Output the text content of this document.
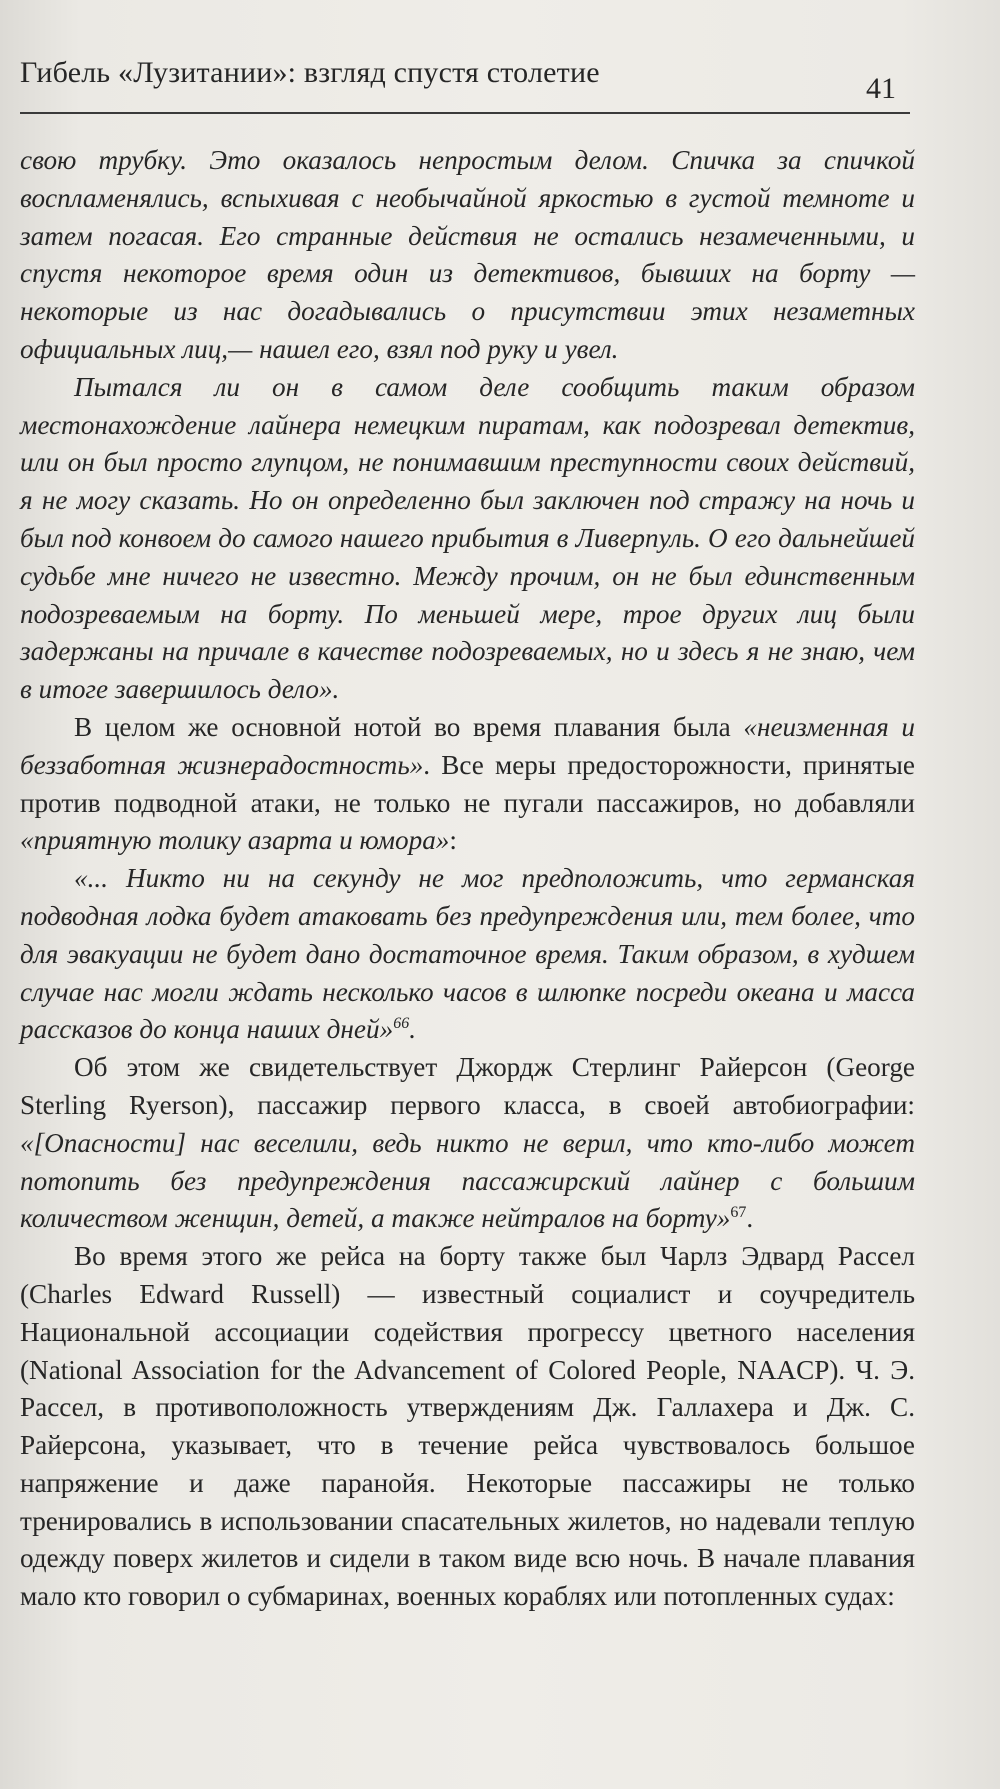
Гибель «Лузитании»: взгляд спустя столетие	41

свою трубку. Это оказалось непростым делом. Спичка за спичкой воспламенялись, вспыхивая с необычайной яркостью в густой темноте и затем погасая. Его странные действия не остались незамеченными, и спустя некоторое время один из детективов, бывших на борту — некоторые из нас догадывались о присутствии этих незаметных официальных лиц,— нашел его, взял под руку и увел.

Пытался ли он в самом деле сообщить таким образом местонахождение лайнера немецким пиратам, как подозревал детектив, или он был просто глупцом, не понимавшим преступности своих действий, я не могу сказать. Но он определенно был заключен под стражу на ночь и был под конвоем до самого нашего прибытия в Ливерпуль. О его дальнейшей судьбе мне ничего не известно. Между прочим, он не был единственным подозреваемым на борту. По меньшей мере, трое других лиц были задержаны на причале в качестве подозреваемых, но и здесь я не знаю, чем в итоге завершилось дело».

В целом же основной нотой во время плавания была «неизменная и беззаботная жизнерадостность». Все меры предосторожности, принятые против подводной атаки, не только не пугали пассажиров, но добавляли «приятную толику азарта и юмора»:

«... Никто ни на секунду не мог предположить, что германская подводная лодка будет атаковать без предупреждения или, тем более, что для эвакуации не будет дано достаточное время. Таким образом, в худшем случае нас могли ждать несколько часов в шлюпке посреди океана и масса рассказов до конца наших дней»$^{66}$.

Об этом же свидетельствует Джордж Стерлинг Райерсон (George Sterling Ryerson), пассажир первого класса, в своей автобиографии: «[Опасности] нас веселили, ведь никто не верил, что кто-либо может потопить без предупреждения пассажирский лайнер с большим количеством женщин, детей, а также нейтралов на борту»$^{67}$.

Во время этого же рейса на борту также был Чарлз Эдвард Рассел (Charles Edward Russell) — известный социалист и соучредитель Национальной ассоциации содействия прогрессу цветного населения (National Association for the Advancement of Colored People, NAACP). Ч. Э. Рассел, в противоположность утверждениям Дж. Галлахера и Дж. С. Райерсона, указывает, что в течение рейса чувствовалось большое напряжение и даже паранойя. Некоторые пассажиры не только тренировались в использовании спасательных жилетов, но надевали теплую одежду поверх жилетов и сидели в таком виде всю ночь. В начале плавания мало кто говорил о субмаринах, военных кораблях или потопленных судах:
